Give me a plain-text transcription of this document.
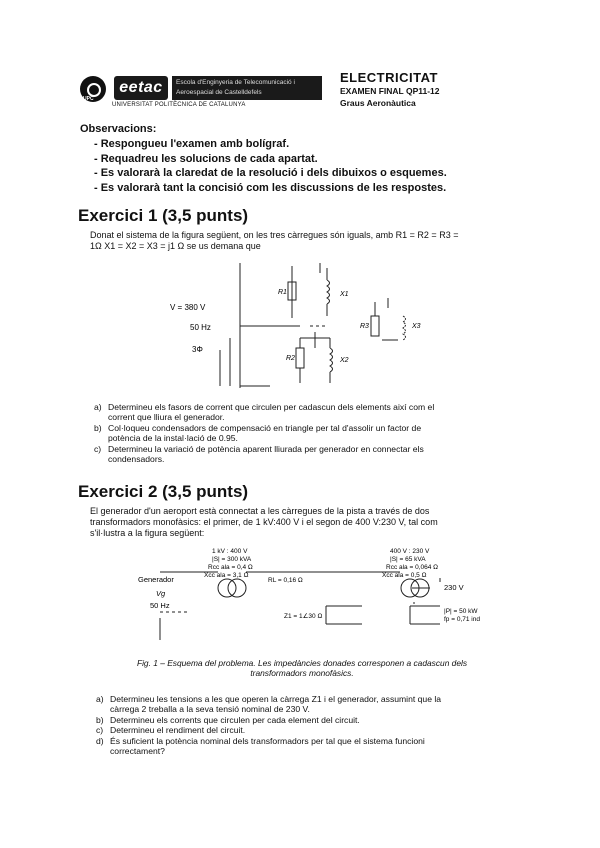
UPC
eetac	Escola d'Enginyeria de Telecomunicació i
Aeroespacial de Castelldefels
UNIVERSITAT POLITÈCNICA DE CATALUNYA
ELECTRICITAT
EXAMEN FINAL QP11-12
Graus Aeronàutica
Observacions:
- Respongueu l'examen amb bolígraf.
- Requadreu les solucions de cada apartat.
- Es valorarà la claredat de la resolució i dels dibuixos o esquemes.
- Es valorarà tant la concisió com les discussions de les respostes.
Exercici 1 (3,5 punts)
Donat el sistema de la figura següent, on les tres càrregues són iguals, amb R1 = R2 = R3 =
1Ω X1 = X2 = X3 = j1 Ω se us demana que
V = 380 V
50 Hz
3Φ
R1	X1
R2	X2
R3	X3
a) Determineu els fasors de corrent que circulen per cadascun dels elements així com el
corrent que lliura el generador.
b) Col·loqueu condensadors de compensació en triangle per tal d'assolir un factor de
potència de la instal·lació de 0.95.
c) Determineu la variació de potència aparent lliurada per generador en connectar els
condensadors.
Exercici 2 (3,5 punts)
El generador d'un aeroport està connectat a les càrregues de la pista a través de dos
transformadors monofàsics: el primer, de 1 kV:400 V i el segon de 400 V:230 V, tal com
s'il·lustra a la figura següent:
Generador
Vg
50 Hz
1 kV : 400 V
|S| = 300 kVA
Rcc ala = 0,4 Ω
Xcc ala = 3,1 Ω
RL = 0,16 Ω
400 V : 230 V
|S| = 65 kVA
Rcc ala = 0,064 Ω
Xcc ala = 0,5 Ω
230 V
Z1 = 1∠30 Ω
|P| = 50 kW
fp = 0,71 ind
Fig. 1 – Esquema del problema. Les impedàncies donades corresponen a cadascun dels
transformadors monofàsics.
a) Determineu les tensions a les que operen la càrrega Z1 i el generador, assumint que la
càrrega 2 treballa a la seva tensió nominal de 230 V.
b) Determineu els corrents que circulen per cada element del circuit.
c) Determineu el rendiment del circuit.
d) És suficient la potència nominal dels transformadors per tal que el sistema funcioni
correctament?
